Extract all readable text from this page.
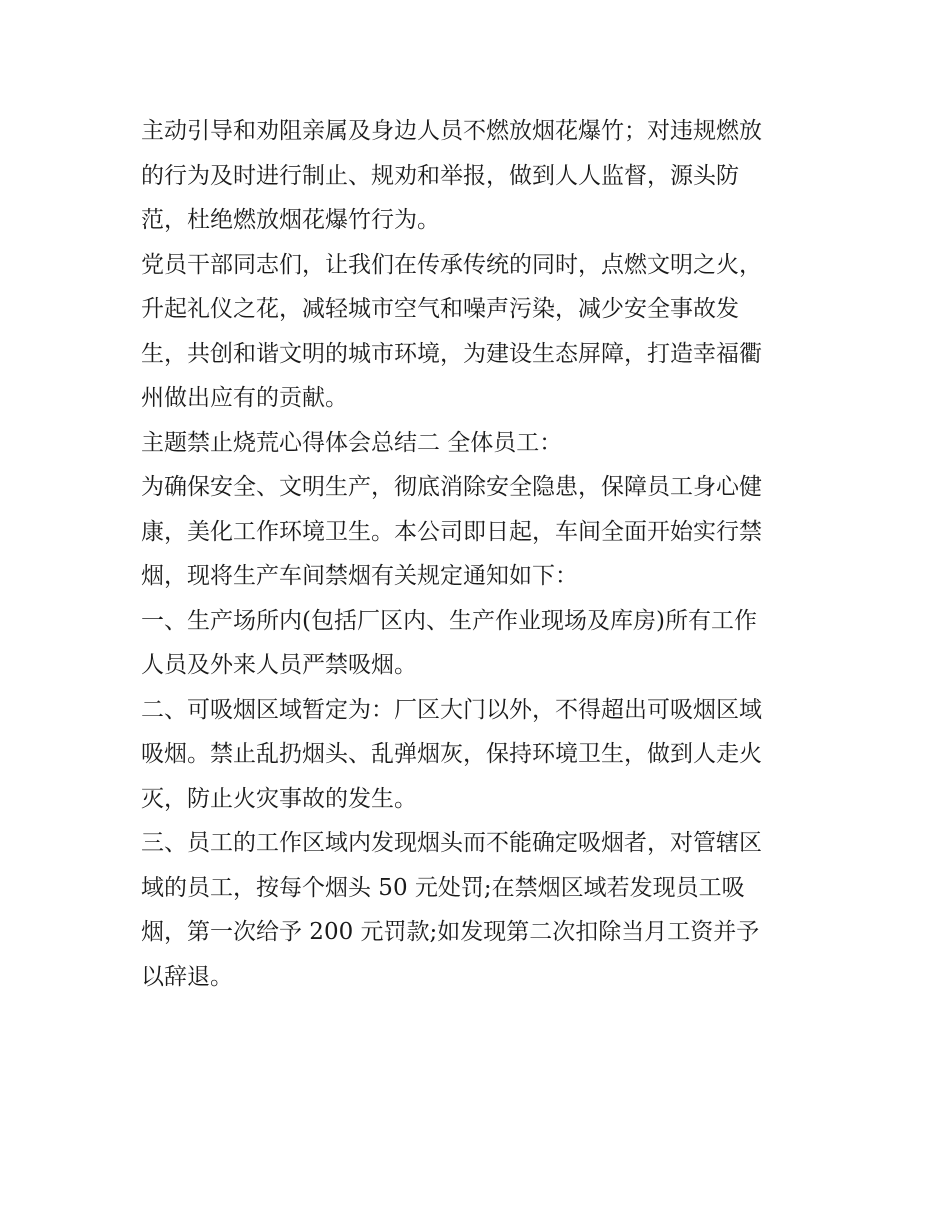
主动引导和劝阻亲属及身边人员不燃放烟花爆竹；对违规燃放
的行为及时进行制止、规劝和举报，做到人人监督，源头防
范，杜绝燃放烟花爆竹行为。

党员干部同志们，让我们在传承传统的同时，点燃文明之火，
升起礼仪之花，减轻城市空气和噪声污染，减少安全事故发
生，共创和谐文明的城市环境，为建设生态屏障，打造幸福衢
州做出应有的贡献。

主题禁止烧荒心得体会总结二 全体员工：

为确保安全、文明生产，彻底消除安全隐患，保障员工身心健
康，美化工作环境卫生。本公司即日起，车间全面开始实行禁
烟，现将生产车间禁烟有关规定通知如下：

一、生产场所内(包括厂区内、生产作业现场及库房)所有工作
人员及外来人员严禁吸烟。

二、可吸烟区域暂定为：厂区大门以外，不得超出可吸烟区域
吸烟。禁止乱扔烟头、乱弹烟灰，保持环境卫生，做到人走火
灭，防止火灾事故的发生。

三、员工的工作区域内发现烟头而不能确定吸烟者，对管辖区
域的员工，按每个烟头 50 元处罚;在禁烟区域若发现员工吸
烟，第一次给予 200 元罚款;如发现第二次扣除当月工资并予
以辞退。
